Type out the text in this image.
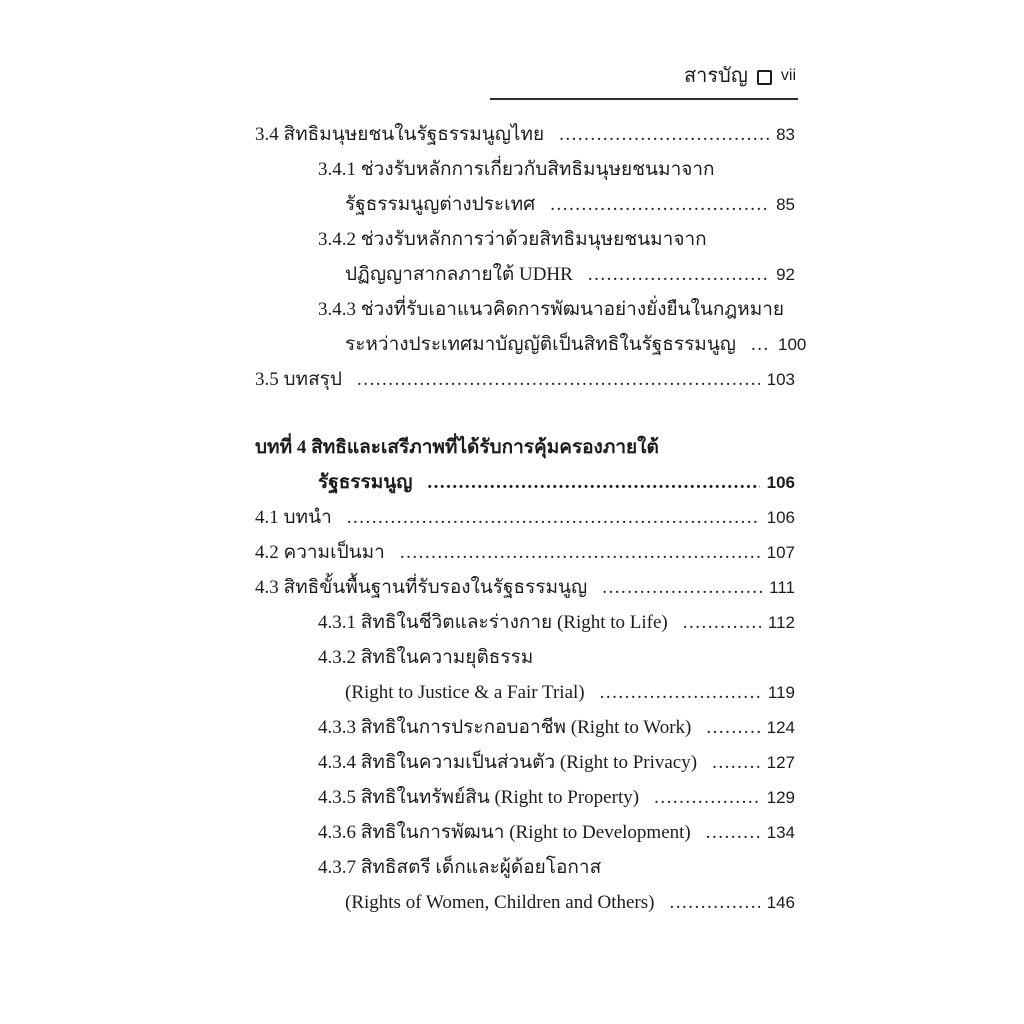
สารบัญ vii
3.4 สิทธิมนุษยชนในรัฐธรรมนูญไทย .....	83
3.4.1 ช่วงรับหลักการเกี่ยวกับสิทธิมนุษยชนมาจาก
รัฐธรรมนูญต่างประเทศ .....	85
3.4.2 ช่วงรับหลักการว่าด้วยสิทธิมนุษยชนมาจาก
ปฏิญญาสากลภายใต้ UDHR .....	92
3.4.3 ช่วงที่รับเอาแนวคิดการพัฒนาอย่างยั่งยืนในกฎหมาย
ระหว่างประเทศมาบัญญัติเป็นสิทธิในรัฐธรรมนูญ ..... 100
3.5 บทสรุป .....	103
บทที่ 4 สิทธิและเสรีภาพที่ได้รับการคุ้มครองภายใต้
รัฐธรรมนูญ .....	106
4.1 บทนำ .....	106
4.2 ความเป็นมา .....	107
4.3 สิทธิขั้นพื้นฐานที่รับรองในรัฐธรรมนูญ .....	111
4.3.1 สิทธิในชีวิตและร่างกาย (Right to Life) .....	112
4.3.2 สิทธิในความยุติธรรม
(Right to Justice & a Fair Trial) .....	119
4.3.3 สิทธิในการประกอบอาชีพ (Right to Work) .....	124
4.3.4 สิทธิในความเป็นส่วนตัว (Right to Privacy) .....	127
4.3.5 สิทธิในทรัพย์สิน (Right to Property) .....	129
4.3.6 สิทธิในการพัฒนา (Right to Development) .....	134
4.3.7 สิทธิสตรี เด็กและผู้ด้อยโอกาส
(Rights of Women, Children and Others) .....	146
